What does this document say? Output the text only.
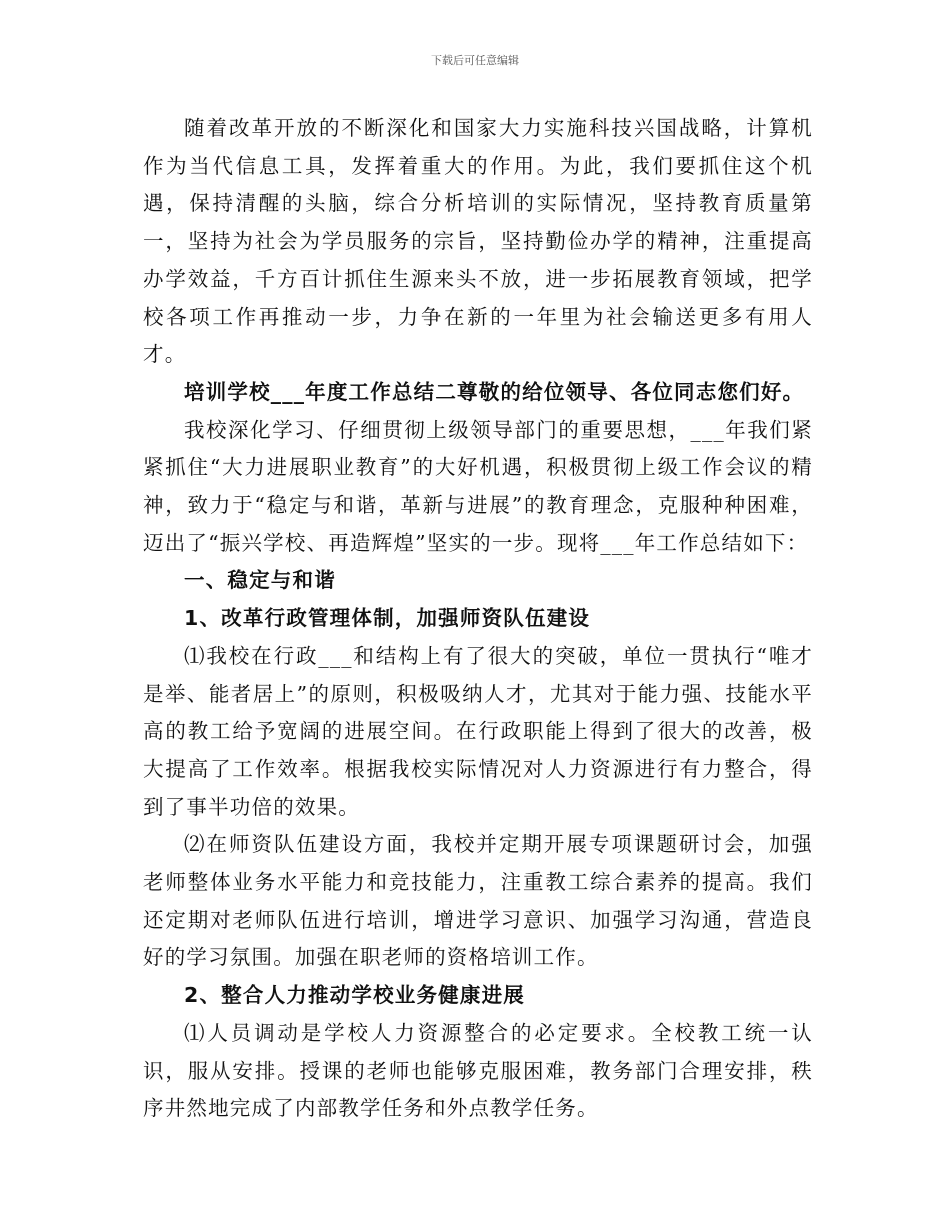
下载后可任意编辑

随着改革开放的不断深化和国家大力实施科技兴国战略，计算机作为当代信息工具，发挥着重大的作用。为此，我们要抓住这个机遇，保持清醒的头脑，综合分析培训的实际情况，坚持教育质量第一，坚持为社会为学员服务的宗旨，坚持勤俭办学的精神，注重提高办学效益，千方百计抓住生源来头不放，进一步拓展教育领域，把学校各项工作再推动一步，力争在新的一年里为社会输送更多有用人才。

培训学校___年度工作总结二尊敬的给位领导、各位同志您们好。

我校深化学习、仔细贯彻上级领导部门的重要思想，___年我们紧紧抓住“大力进展职业教育”的大好机遇，积极贯彻上级工作会议的精神，致力于“稳定与和谐，革新与进展”的教育理念，克服种种困难，迈出了“振兴学校、再造辉煌”坚实的一步。现将___年工作总结如下：

一、稳定与和谐

1、改革行政管理体制，加强师资队伍建设

⑴我校在行政___和结构上有了很大的突破，单位一贯执行“唯才是举、能者居上”的原则，积极吸纳人才，尤其对于能力强、技能水平高的教工给予宽阔的进展空间。在行政职能上得到了很大的改善，极大提高了工作效率。根据我校实际情况对人力资源进行有力整合，得到了事半功倍的效果。

⑵在师资队伍建设方面，我校并定期开展专项课题研讨会，加强老师整体业务水平能力和竞技能力，注重教工综合素养的提高。我们还定期对老师队伍进行培训，增进学习意识、加强学习沟通，营造良好的学习氛围。加强在职老师的资格培训工作。

2、整合人力推动学校业务健康进展

⑴人员调动是学校人力资源整合的必定要求。全校教工统一认识，服从安排。授课的老师也能够克服困难，教务部门合理安排，秩序井然地完成了内部教学任务和外点教学任务。
